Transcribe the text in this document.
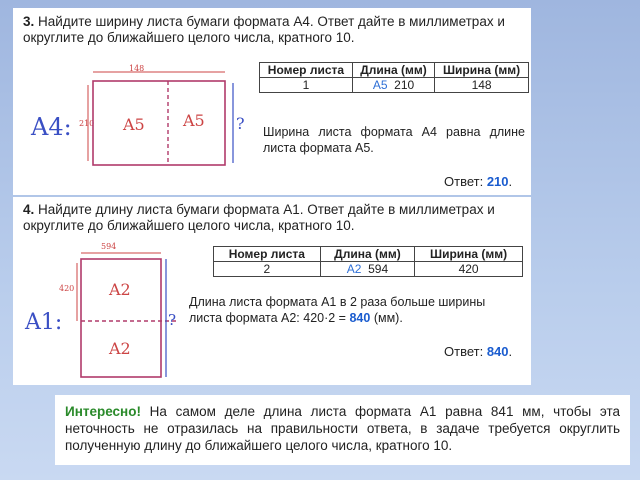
3. Найдите ширину листа бумаги формата А4. Ответ дайте в миллиметрах и округлите до ближайшего целого числа, кратного 10.
A4:
148
210 A5 A5 ?
Номер листа	Длина (мм)	Ширина (мм)
1	A5 210	148
Ширина листа формата А4 равна длине листа формата А5.
Ответ: 210.
4. Найдите длину листа бумаги формата А1. Ответ дайте в миллиметрах и округлите до ближайшего целого числа, кратного 10.
594
420 A2
A2
A1:	?
Номер листа	Длина (мм)	Ширина (мм)
2	A2 594	420
Длина листа формата А1 в 2 раза больше ширины
листа формата А2: 420·2 = 840 (мм).
Ответ: 840.
Интересно! На самом деле длина листа формата А1 равна 841 мм, чтобы эта неточность не отразилась на правильности ответа, в задаче требуется округлить полученную длину до ближайшего целого числа, кратного 10.
